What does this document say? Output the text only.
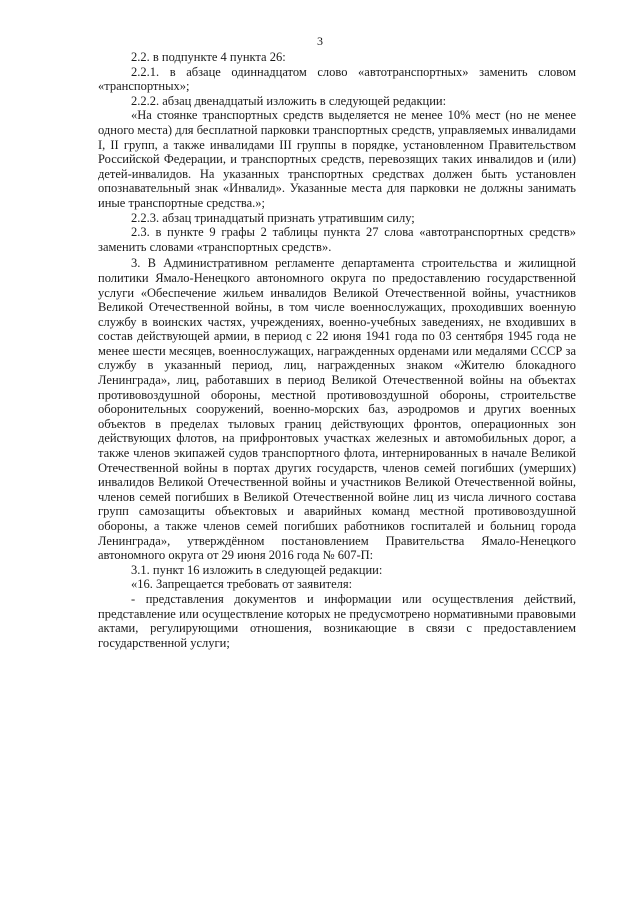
3

2.2. в подпункте 4 пункта 26:

2.2.1. в абзаце одиннадцатом слово «автотранспортных» заменить словом «транспортных»;

2.2.2. абзац двенадцатый изложить в следующей редакции:

«На стоянке транспортных средств выделяется не менее 10% мест (но не менее одного места) для бесплатной парковки транспортных средств, управляемых инвалидами I, II групп, а также инвалидами III группы в порядке, установленном Правительством Российской Федерации, и транспортных средств, перевозящих таких инвалидов и (или) детей-инвалидов. На указанных транспортных средствах должен быть установлен опознавательный знак «Инвалид». Указанные места для парковки не должны занимать иные транспортные средства.»;

2.2.3. абзац тринадцатый признать утратившим силу;

2.3. в пункте 9 графы 2 таблицы пункта 27 слова «автотранспортных средств» заменить словами «транспортных средств».

3. В Административном регламенте департамента строительства и жилищной политики Ямало-Ненецкого автономного округа по предоставлению государственной услуги «Обеспечение жильем инвалидов Великой Отечественной войны, участников Великой Отечественной войны, в том числе военнослужащих, проходивших военную службу в воинских частях, учреждениях, военно-учебных заведениях, не входивших в состав действующей армии, в период с 22 июня 1941 года по 03 сентября 1945 года не менее шести месяцев, военнослужащих, награжденных орденами или медалями СССР за службу в указанный период, лиц, награжденных знаком «Жителю блокадного Ленинграда», лиц, работавших в период Великой Отечественной войны на объектах противовоздушной обороны, местной противовоздушной обороны, строительстве оборонительных сооружений, военно-морских баз, аэродромов и других военных объектов в пределах тыловых границ действующих фронтов, операционных зон действующих флотов, на прифронтовых участках железных и автомобильных дорог, а также членов экипажей судов транспортного флота, интернированных в начале Великой Отечественной войны в портах других государств, членов семей погибших (умерших) инвалидов Великой Отечественной войны и участников Великой Отечественной войны, членов семей погибших в Великой Отечественной войне лиц из числа личного состава групп самозащиты объектовых и аварийных команд местной противовоздушной обороны, а также членов семей погибших работников госпиталей и больниц города Ленинграда», утверждённом постановлением Правительства Ямало-Ненецкого автономного округа от 29 июня 2016 года № 607-П:

3.1. пункт 16 изложить в следующей редакции:

«16. Запрещается требовать от заявителя:

- представления документов и информации или осуществления действий, представление или осуществление которых не предусмотрено нормативными правовыми актами, регулирующими отношения, возникающие в связи с предоставлением государственной услуги;
